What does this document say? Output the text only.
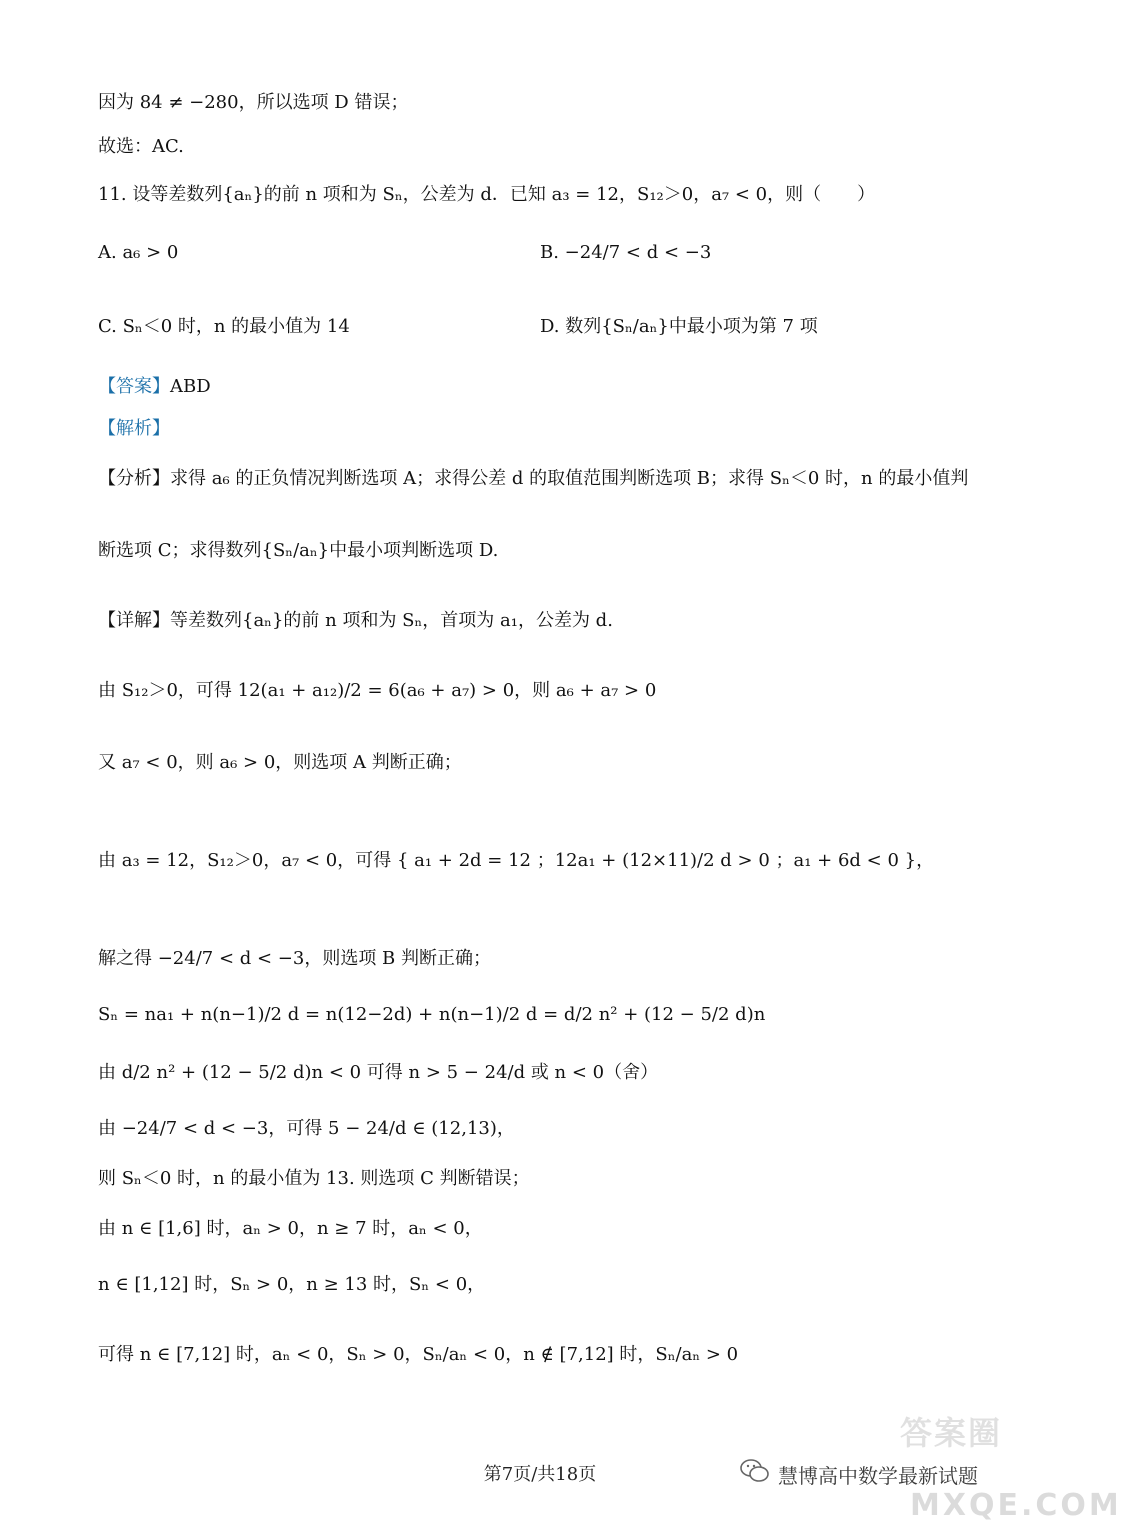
因为 84 ≠ −280，所以选项 D 错误；
故选：AC.
11. 设等差数列{aₙ}的前 n 项和为 Sₙ，公差为 d．已知 a₃ = 12，S₁₂＞0，a₇ < 0，则（　　）
A. a₆ > 0	B. −24/7 < d < −3
C. Sₙ＜0 时，n 的最小值为 14	D. 数列{Sₙ/aₙ}中最小项为第 7 项
【答案】ABD
【解析】
【分析】求得 a₆ 的正负情况判断选项 A；求得公差 d 的取值范围判断选项 B；求得 Sₙ＜0 时，n 的最小值判
断选项 C；求得数列{Sₙ/aₙ}中最小项判断选项 D.
【详解】等差数列{aₙ}的前 n 项和为 Sₙ，首项为 a₁，公差为 d.
由 S₁₂＞0，可得 12(a₁ + a₁₂)/2 = 6(a₆ + a₇) > 0，则 a₆ + a₇ > 0
又 a₇ < 0，则 a₆ > 0，则选项 A 判断正确；
由 a₃ = 12，S₁₂＞0，a₇ < 0，可得 { a₁ + 2d = 12 ；12a₁ + (12×11)/2 d > 0 ；a₁ + 6d < 0 }，
解之得 −24/7 < d < −3，则选项 B 判断正确；
Sₙ = na₁ + n(n−1)/2 d = n(12−2d) + n(n−1)/2 d = d/2 n² + (12 − 5/2 d)n
由 d/2 n² + (12 − 5/2 d)n < 0 可得 n > 5 − 24/d 或 n < 0（舍）
由 −24/7 < d < −3，可得 5 − 24/d ∈ (12,13)，
则 Sₙ＜0 时，n 的最小值为 13. 则选项 C 判断错误；
由 n ∈ [1,6] 时，aₙ > 0，n ≥ 7 时，aₙ < 0，
n ∈ [1,12] 时，Sₙ > 0，n ≥ 13 时，Sₙ < 0，
可得 n ∈ [7,12] 时，aₙ < 0，Sₙ > 0，Sₙ/aₙ < 0，n ∉ [7,12] 时，Sₙ/aₙ > 0
第7页/共18页	慧博高中数学最新试题
答案圈
MXQE.COM
